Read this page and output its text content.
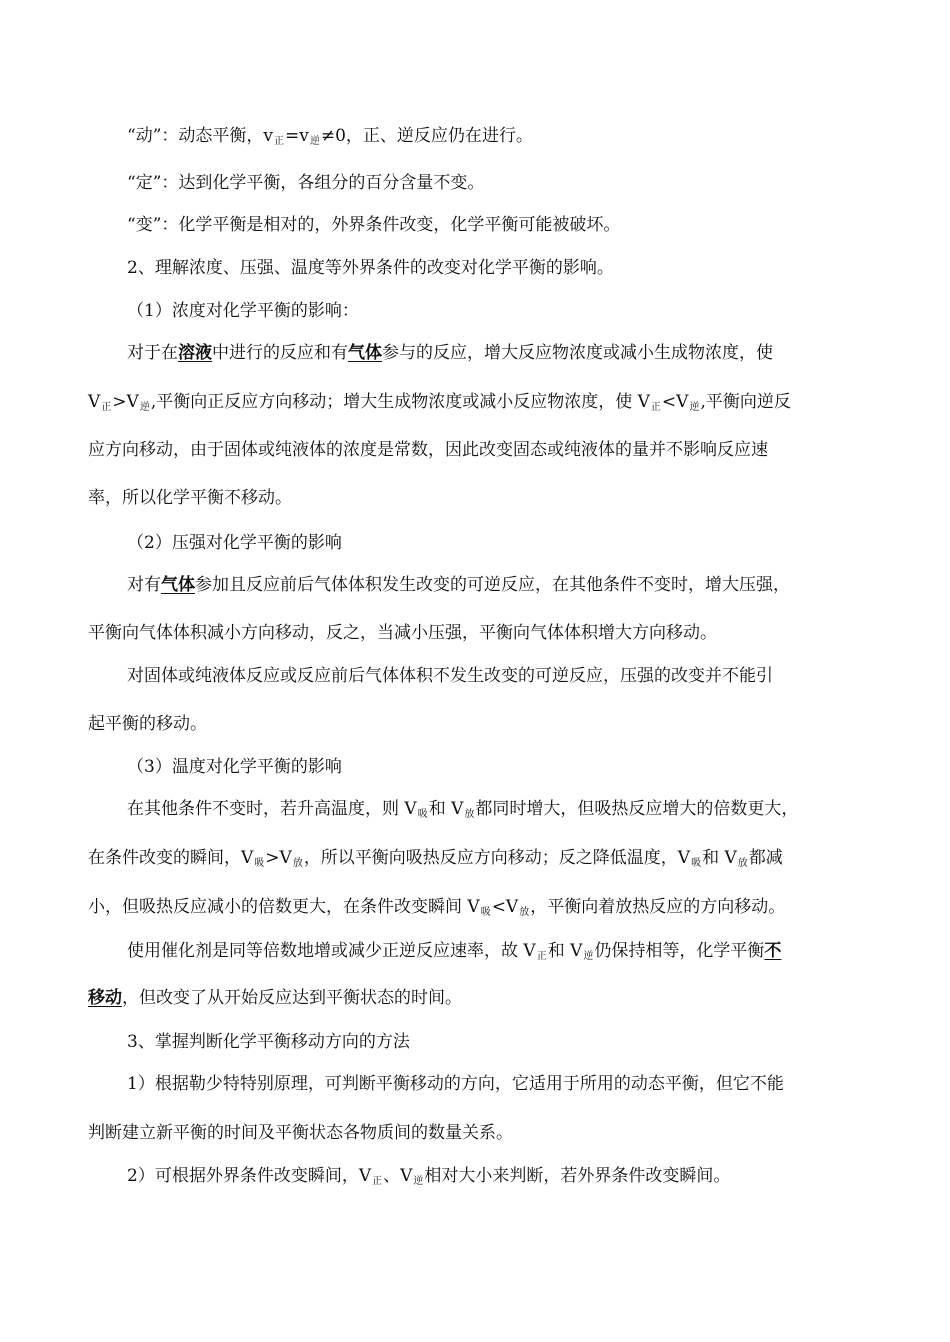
“动”：动态平衡，v正=v逆≠0，正、逆反应仍在进行。
“定”：达到化学平衡，各组分的百分含量不变。
“变”：化学平衡是相对的，外界条件改变，化学平衡可能被破坏。
2、理解浓度、压强、温度等外界条件的改变对化学平衡的影响。
（1）浓度对化学平衡的影响：
对于在溶液中进行的反应和有气体参与的反应，增大反应物浓度或减小生成物浓度，使
V正>V逆,平衡向正反应方向移动；增大生成物浓度或减小反应物浓度，使 V正<V逆,平衡向逆反
应方向移动，由于固体或纯液体的浓度是常数，因此改变固态或纯液体的量并不影响反应速
率，所以化学平衡不移动。
（2）压强对化学平衡的影响
对有气体参加且反应前后气体体积发生改变的可逆反应，在其他条件不变时，增大压强，
平衡向气体体积减小方向移动，反之，当减小压强，平衡向气体体积增大方向移动。
对固体或纯液体反应或反应前后气体体积不发生改变的可逆反应，压强的改变并不能引
起平衡的移动。
（3）温度对化学平衡的影响
在其他条件不变时，若升高温度，则 V吸和 V放都同时增大，但吸热反应增大的倍数更大，
在条件改变的瞬间，V吸>V放，所以平衡向吸热反应方向移动；反之降低温度，V吸和 V放都减
小，但吸热反应减小的倍数更大，在条件改变瞬间 V吸<V放，平衡向着放热反应的方向移动。
使用催化剂是同等倍数地增或减少正逆反应速率，故 V正和 V逆仍保持相等，化学平衡不
移动，但改变了从开始反应达到平衡状态的时间。
3、掌握判断化学平衡移动方向的方法
1）根据勒少特特别原理，可判断平衡移动的方向，它适用于所用的动态平衡，但它不能
判断建立新平衡的时间及平衡状态各物质间的数量关系。
2）可根据外界条件改变瞬间，V正、V逆相对大小来判断，若外界条件改变瞬间。
